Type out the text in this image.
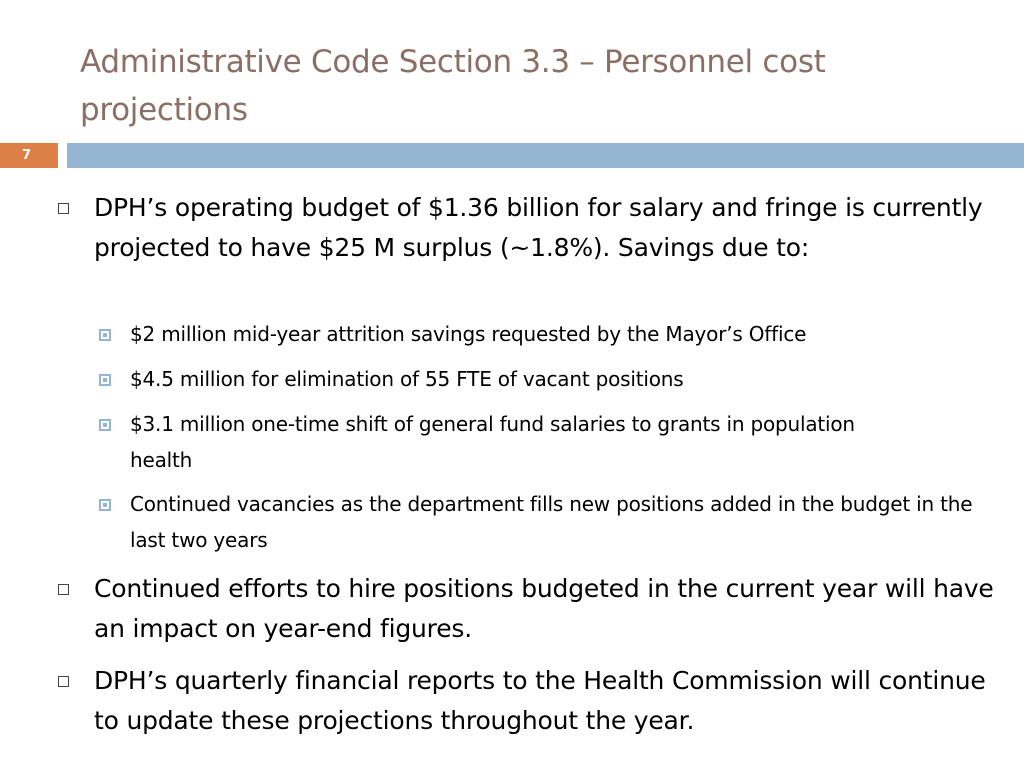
Administrative Code Section 3.3 – Personnel cost projections
7
DPH’s operating budget of $1.36 billion for salary and fringe is currently projected to have $25 M surplus (~1.8%). Savings due to:
$2 million mid-year attrition savings requested by the Mayor’s Office
$4.5 million for elimination of 55 FTE of vacant positions
$3.1 million one-time shift of general fund salaries to grants in population health
Continued vacancies as the department fills new positions added in the budget in the last two years
Continued efforts to hire positions budgeted in the current year will have an impact on year-end figures.
DPH’s quarterly financial reports to the Health Commission will continue to update these projections throughout the year.
